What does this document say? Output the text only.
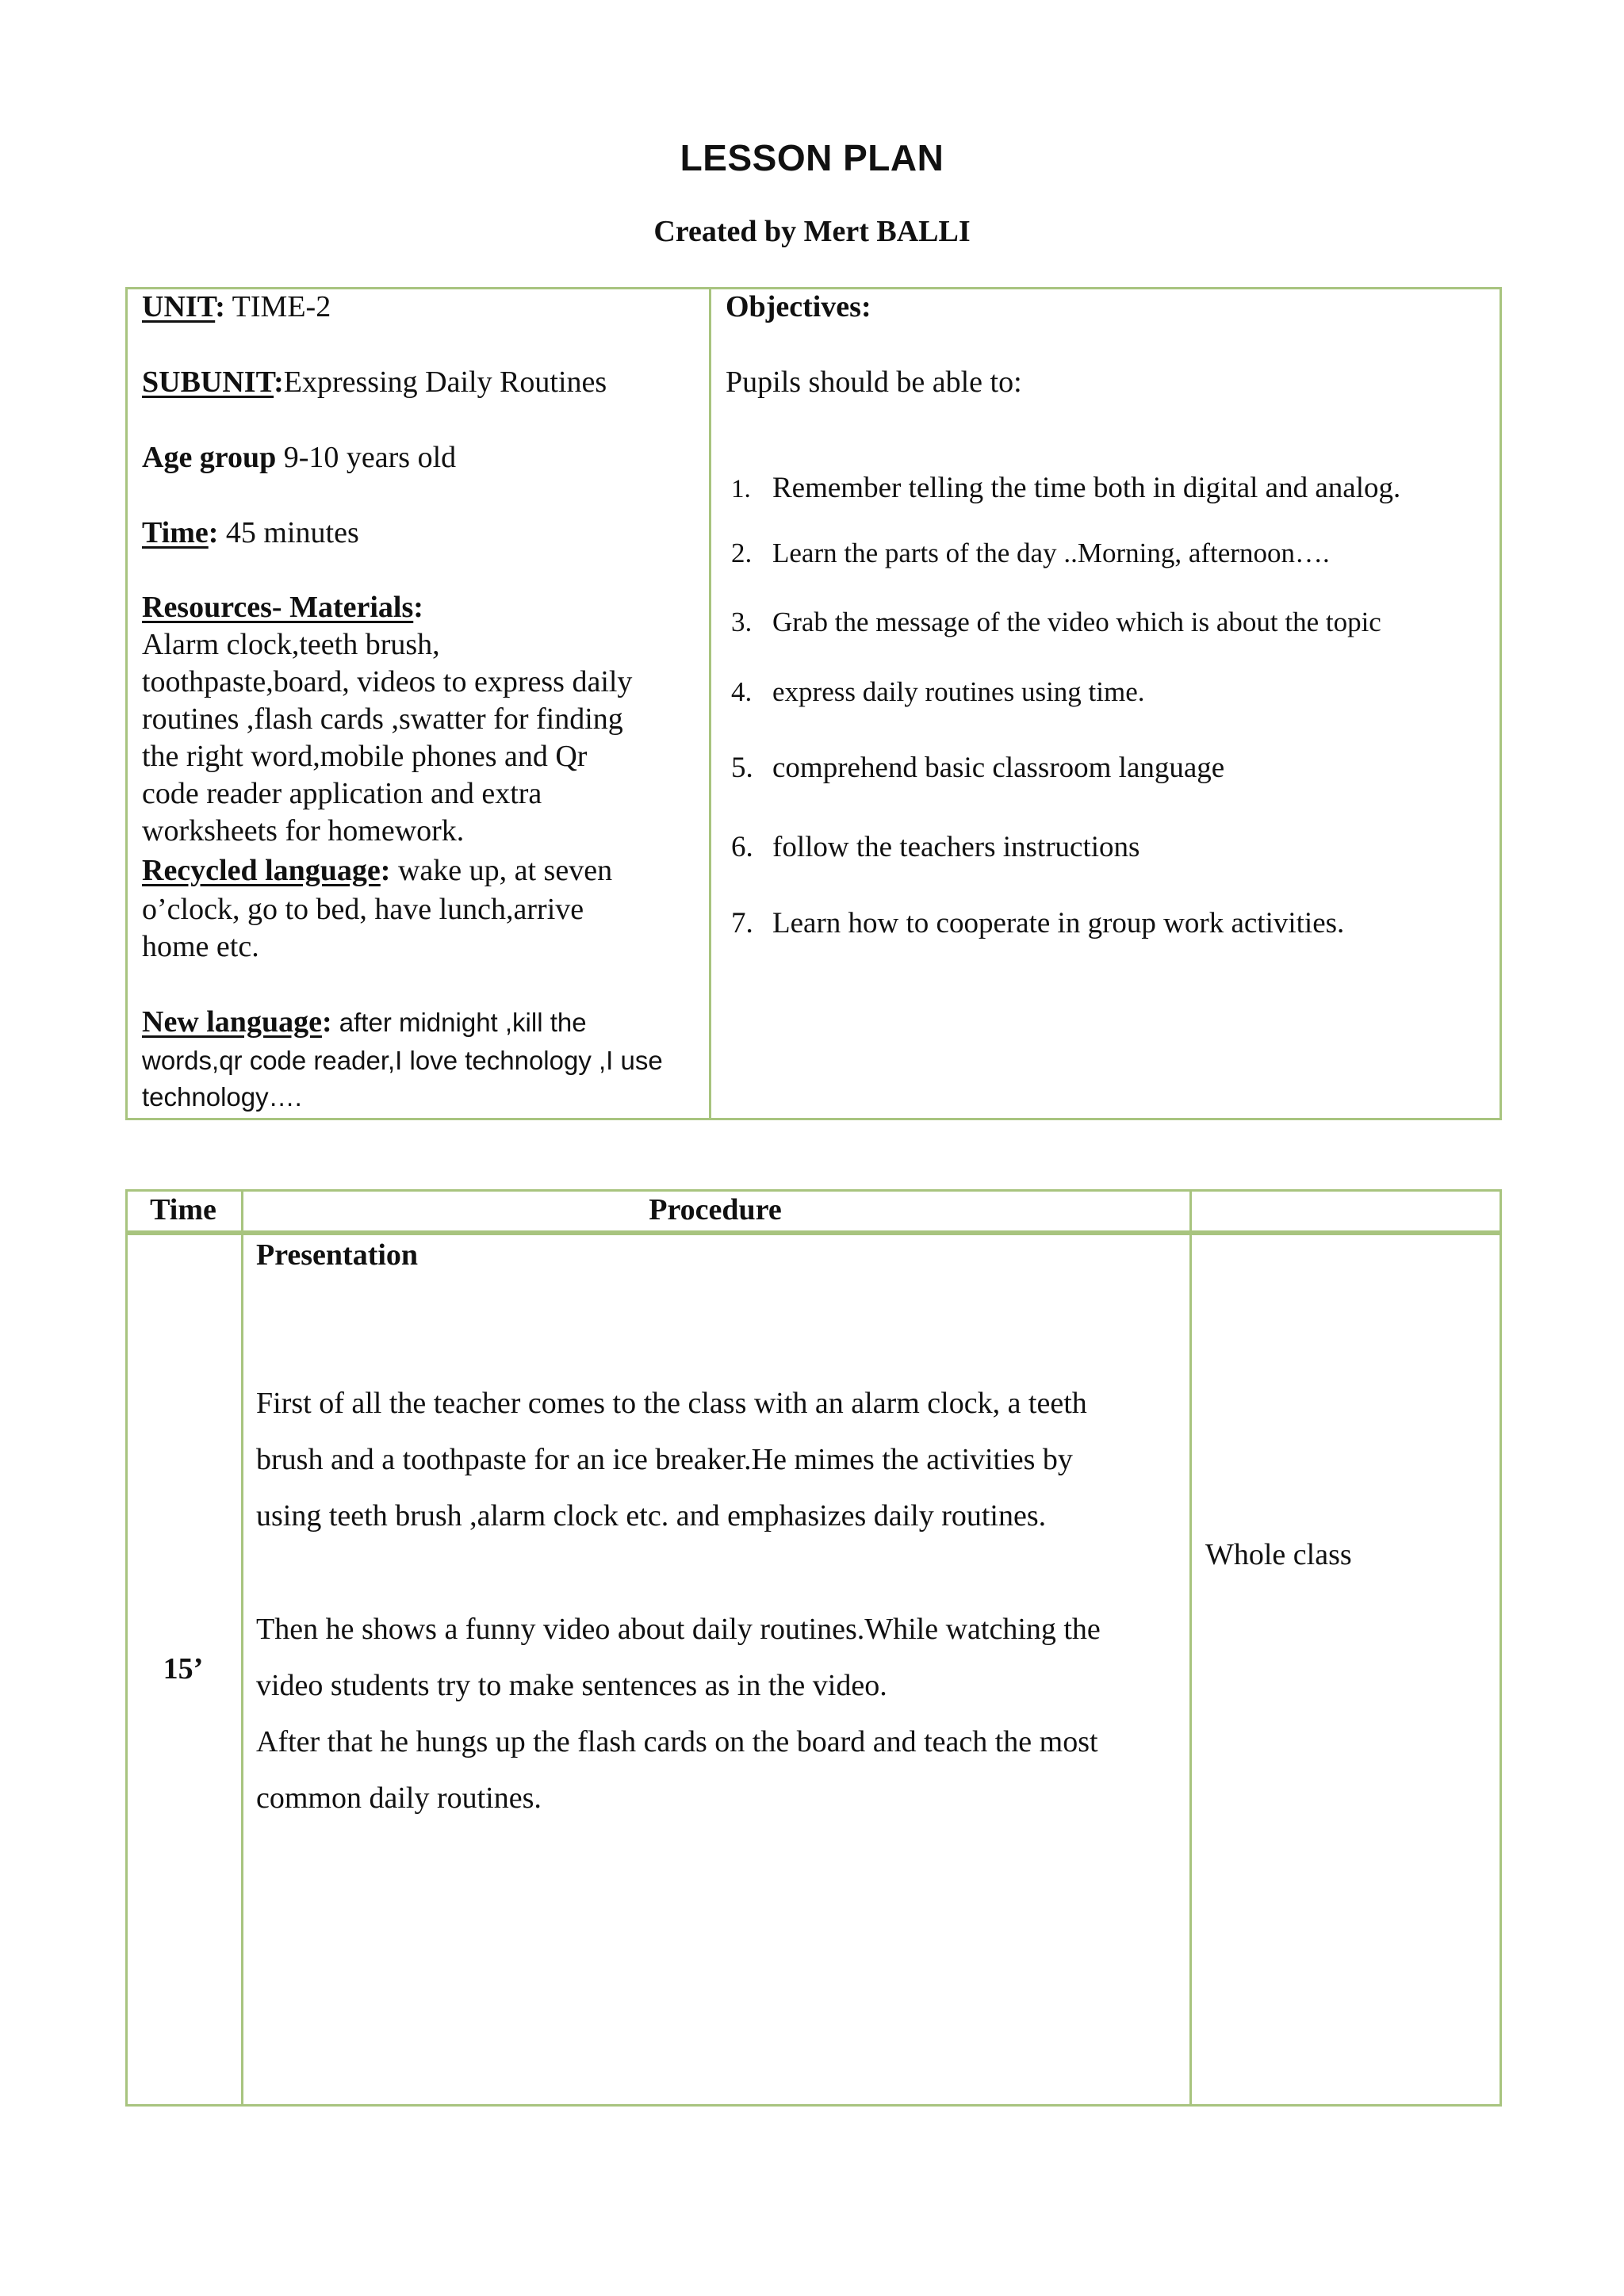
LESSON PLAN
Created by Mert BALLI
UNIT: TIME-2
SUBUNIT:Expressing Daily Routines
Age group 9-10 years old
Time: 45 minutes
Resources- Materials:
Alarm clock,teeth brush,
toothpaste,board, videos to express daily
routines ,flash cards ,swatter for finding
the right word,mobile phones and Qr
code reader application and extra
worksheets for homework.
Recycled language: wake up, at seven
o’clock, go to bed, have lunch,arrive
home etc.
New language: after midnight ,kill the
words,qr code reader,I love technology ,I use
technology….
Objectives:
Pupils should be able to:
1. Remember telling the time both in digital and analog.
2. Learn the parts of the day ..Morning, afternoon….
3. Grab the message of the video which is about the topic
4. express daily routines using time.
5. comprehend basic classroom language
6. follow the teachers instructions
7. Learn how to cooperate in group work activities.
Time	Procedure
15’
Presentation
First of all the teacher comes to the class with an alarm clock, a teeth
brush and a toothpaste for an ice breaker.He mimes the activities by
using teeth brush ,alarm clock etc. and emphasizes daily routines.
Then he shows a funny video about daily routines.While watching the
video students try to make sentences as in the video.
After that he hungs up the flash cards on the board and teach the most
common daily routines.
Whole class
